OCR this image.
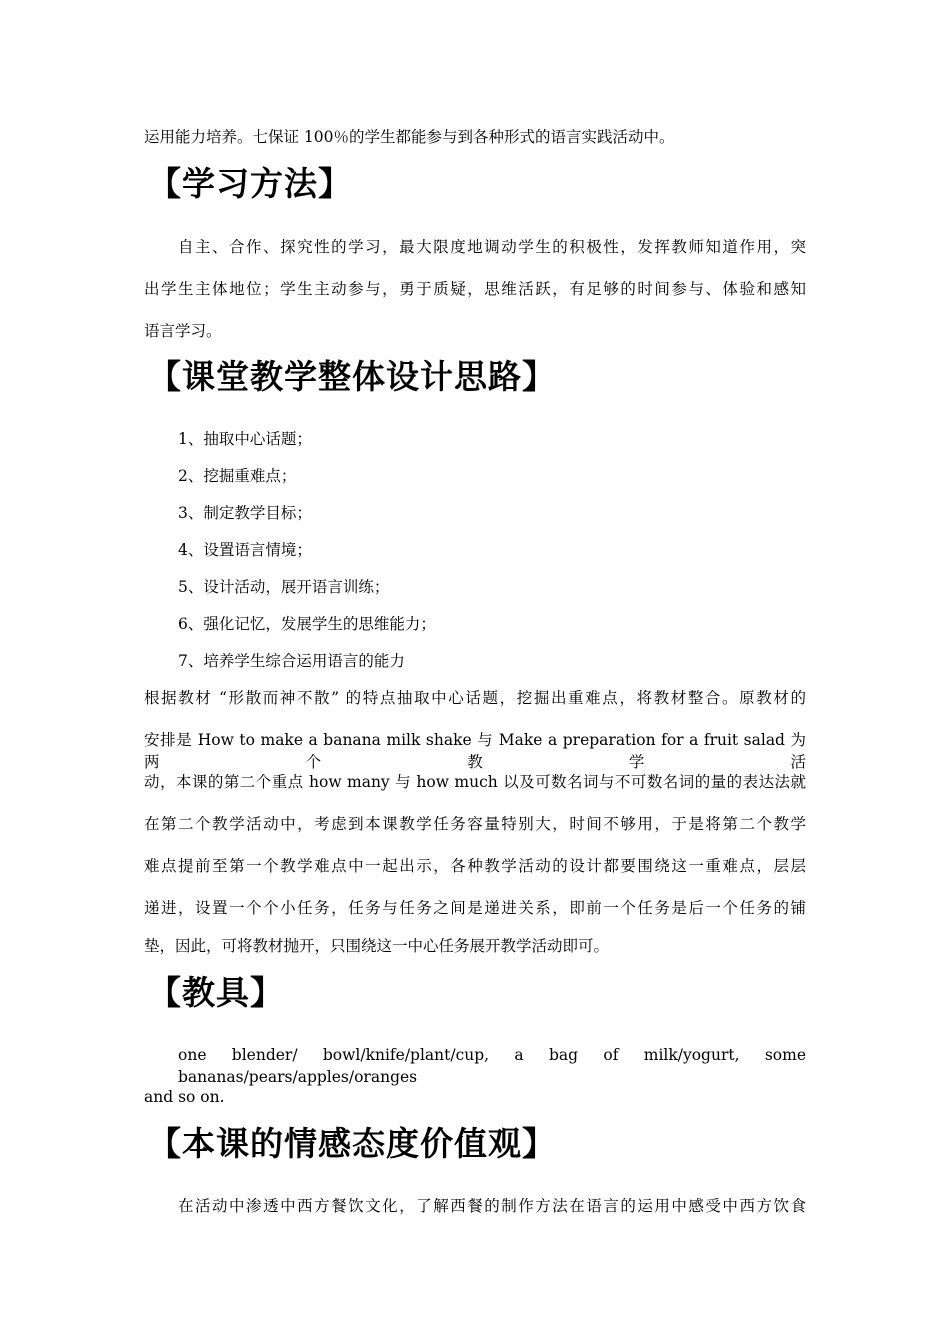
运用能力培养。七保证 100％的学生都能参与到各种形式的语言实践活动中。
【学习方法】
自主、合作、探究性的学习，最大限度地调动学生的积极性，发挥教师知道作用，突
出学生主体地位；学生主动参与，勇于质疑，思维活跃，有足够的时间参与、体验和感知
语言学习。
【课堂教学整体设计思路】
1、抽取中心话题；
2、挖掘重难点；
3、制定教学目标；
4、设置语言情境；
5、设计活动，展开语言训练；
6、强化记忆，发展学生的思维能力；
7、培养学生综合运用语言的能力
根据教材 “形散而神不散” 的特点抽取中心话题，挖掘出重难点，将教材整合。原教材的
安排是 How to make a banana milk shake 与 Make a preparation for a fruit salad 为两个教学活
动，本课的第二个重点 how many 与 how much 以及可数名词与不可数名词的量的表达法就
在第二个教学活动中，考虑到本课教学任务容量特别大，时间不够用，于是将第二个教学
难点提前至第一个教学难点中一起出示，各种教学活动的设计都要围绕这一重难点，层层
递进，设置一个个小任务，任务与任务之间是递进关系，即前一个任务是后一个任务的铺
垫，因此，可将教材抛开，只围绕这一中心任务展开教学活动即可。
【教具】
one blender/ bowl/knife/plant/cup, a bag of milk/yogurt, some bananas/pears/apples/oranges
and so on.
【本课的情感态度价值观】
在活动中渗透中西方餐饮文化，了解西餐的制作方法在语言的运用中感受中西方饮食
